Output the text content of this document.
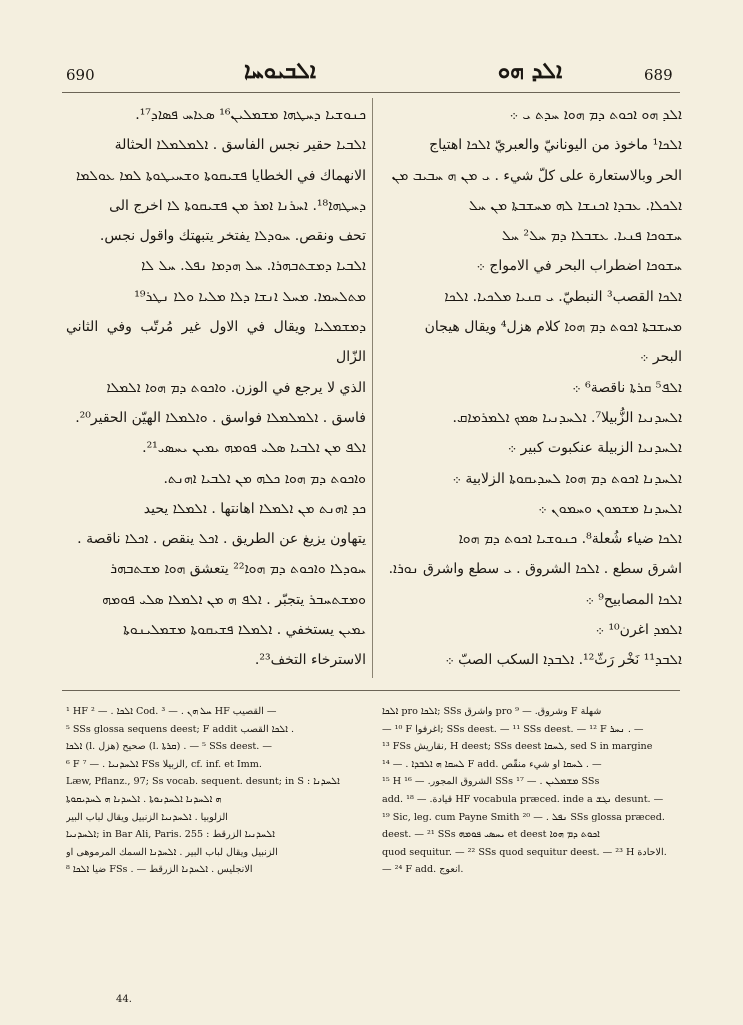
690	ܐܠܒܝܘܚܐ	ܐܠܕ ܗܘ	689

ܟܢܘܫܝܐ ܕܚܛܗܐ ܡܫܡܠܝܢ¹⁶ ܣܥܐܚ ܦܣܐܕ¹⁷.

ܐܠܒܝܐ حقير نجس الفاسق . ܐܠܡܠܡܠܐ الحثالة

الانهماك ﻓﻲ الخطايا ܦܫܝܩܘܬܐ ܘܫܚܝܛܘܬܐ ܠܡܐ ܥܘܠܡܐ

ܕܚܛܗܐ¹⁸. ܐܚܪܢܐ ܐܡܪ ܡܢ ܦܫܝܩܘܬܐ ܠܐ اخرج الى

تحف ونقص. ܚܘܕܠܐ يفتخر يتبهتك واقول نجس.

ܐܠܒܝܐ ܕܡܫܬܒܗܪܐ. ܚܠ ܗܕܡܐ ܢܦܠ. ܚܠ ܠܐ

ܡܬܠܚܡܐ. ܡܚܠ ܐܢܫܐ ܕܠܐ ܡܠܝܐ ܘܠܐ ܢܛܪ¹⁹

ܕܡܫܡܠܝܐ ويقال ﻓﻲ الاول غير مُرتّب وﻓﻲ الثاني الزّال

الذي لا يرجع ﻓﻲ الوزن. ܘܐܟܘܬ ܕܡ ܗܘܐ ܐܠܡܠܐ

فاسق . ܐܠܡܠܡܠܐ فواسق . ܘܐܠܡܠܐ الهيّن الحقير²⁰.

ܐܠܦ ܡܢ ܐܠܒܝܐ ܣܠܝ ܦܘܡܗ ܝܡܝܢ ܝܚܣܝ²¹.

ܘܐܟܘܬ ܕܡ ܗܘܐ ܟܠܗ ܡܢ ܐܠܒܝܐ ܐܗܢܬ.

ܟܕ ܐܗܢܬ ܡܢ ܐܠܡܠܐ اهانتها . ܐܠܡܠܐ يحيد

يتهاون يزيغ عن الطريق . ܐܟܠ ينقص . ܐܟܠܐ ناقصة .

ܚܘܕܠܐ ܘܐܟܘܬ ܕܡ ܗܘܐ²² يتعشق ܗܘܐ ܡܫܬܒܗܪ

ܘܡܫܬܚܒܪ يتجبّر . ܐܠܦ ܗ ܡܢ ܐܠܡܠܐ ܣܠܝ ܦܘܡܗ

ܝܡܝܢ يستخفي . ܐܠܡܠܐ ܦܫܝܩܘܬܐ ܡܫܡܠܝܢܘܬܐ

الاسترخاء التخف²³.

ܐܠܕ ܗܘ ܐܟܘܬ ܕܡ ܗܘܐ ܚܕܬ ܝ ܀

ܐܠܟܐ¹ ماخوذ من اليونانيّ والعبريّ ܐܠܟܐ اهتياج

الحر وبالاستعارة على كلّ شيء . ܝ ܡܢ ܗ ܚܒܝܒ ܡܢ

ܐܠܟܠܐ. ܥܒܕܐ ܐܟܢܫܐ ܠܗ ܡܚܫܒܬܐ ܡܢ ܚܠ

ܚܫܘܟܐ ܦܢܝܐ. ܥܫܒܠܐ ܕܡ ܚܠ² ܚܠ

ܚܫܘܟܐ اضطراب البحر ﻓﻲ الامواج ܀

ܐܠܟܐ القصب³ النبطيّ. ܝ ܩܢܝܐ ܡܠܟܝܐ. ܐܠܟܐ

ܡܚܫܒܬܐ ܐܟܘܬ ܕܡ ܗܘܐ كلام هزل⁴ ويقال هيجان

البحر ܀

ܐܠܦ⁵ ܩܪܬܐ ناقصة⁶ ܀

ܐܠܚܕܢܝܐ الزُّبيلا⁷. ܐܠܚܕܢܝܐ ܣܡܟ ܐܠܡܪܡܐܩ.

ܐܠܚܕܢܝܐ الزبيلة عنكبوت كبير ܀

ܐܠܚܕܢܐ ܐܟܘܬ ܕܡ ܗܘܐ ܠܚܕܝܩܘܬܐ الزلابية ܀

ܐܠܚܕܢܐ ܡܫܡܘܢ ܘܚܡܘܢ ܀

ܐܠܟܐ ضياء شُعلة⁸. ܟܢܘܫܝܐ ܐܟܘܬ ܕܡ ܗܘܐ

اشرق سطع . ܐܠܟܐ الشروق . ܝ سطع واشرق ܢܘܪܐ.

ܐܠܟܐ المصابيح⁹ ܀

ܐܠܡܕ اغرن¹⁰ ܀

ܐܠܒܕ¹¹ نَخْر رَثّ¹². ܐܠܒܕܐ السكب الصبّ ܀

¹ HF ܐܠܟܐ . — ² Cod. ܚܠ ܗܢ . — ³ HF القصيب —

⁵ SSs glossa sequens deest; F addit ܐܠܟܐ القصب .

ܐܠܟܐ (l. هزل) صحيح (l. ܩܪܬܐ) . — ⁵ SSs deest. —

⁶ F ܐܠܚܕܢܝܐ . — ⁷ FSs الزبيلا, cf. inf. et Imm.

Læw, Pflanz., 97; Ss vocab. sequent. desunt; in S : ܐܠܚܕܢܐ

ܗ ܐܠܚܕܢܐ ܐܠܚܕܢܘܬܐ . ܐܠܚܕܢܐ ܗ ܠܚܕܝܩܘܬܐ

الزلوبيا . ܐܠܚܕܢܝܐ الزنبيل ويقال لباب البير

ܐܠܚܕܢܝܐ; in Bar Ali, Paris. 255 : ܐܠܚܕܢܝܐ الزرقط

الزنبيل ويقال لباب البير . ܐܠܚܕܢܐ السمك المرموهى او

ضيا ܐܠܟܐ ⁸ FSs . — الانجليس . ܐܠܚܕܢܐ الزرقط

ܐܠܟܐ pro ܐܠܟܐ; SSs واشرق pro وشروق. — ⁹ F شهلة

— ¹⁰ F اغرفوا; SSs deest. — ¹¹ SSs deest. — ¹² F ܢܚܪ . —

¹³ FSs نقاريش, H deest; SSs deest ܠܚܩܐ, sed S in margine

ܠܚܩܐ ܗ ܐܠܒܕܐ . — ¹⁴ F add. ܠܚܩܐ او شيء منقّص . —

¹⁵ H الشروق المجور. — ¹⁶ SSs ܡܫܡܠܝܢ . — ¹⁷ SSs

add. قيادة. — ¹⁸ HF vocabula præced. inde a ܢܓܫ desunt. —

¹⁹ Sic, leg. cum Payne Smith ܢܦܠ . — ²⁰ SSs glossa præced.

deest. — ²¹ SSs ܝܚܣܝ ܦܘܡܗ et deest ܐܟܘܬ ܕܡ ܗܘܐ

quod sequitur. — ²² SSs quod sequitur deest. — ²³ H الاحادة.

— ²⁴ F add. انعوج.

44.
